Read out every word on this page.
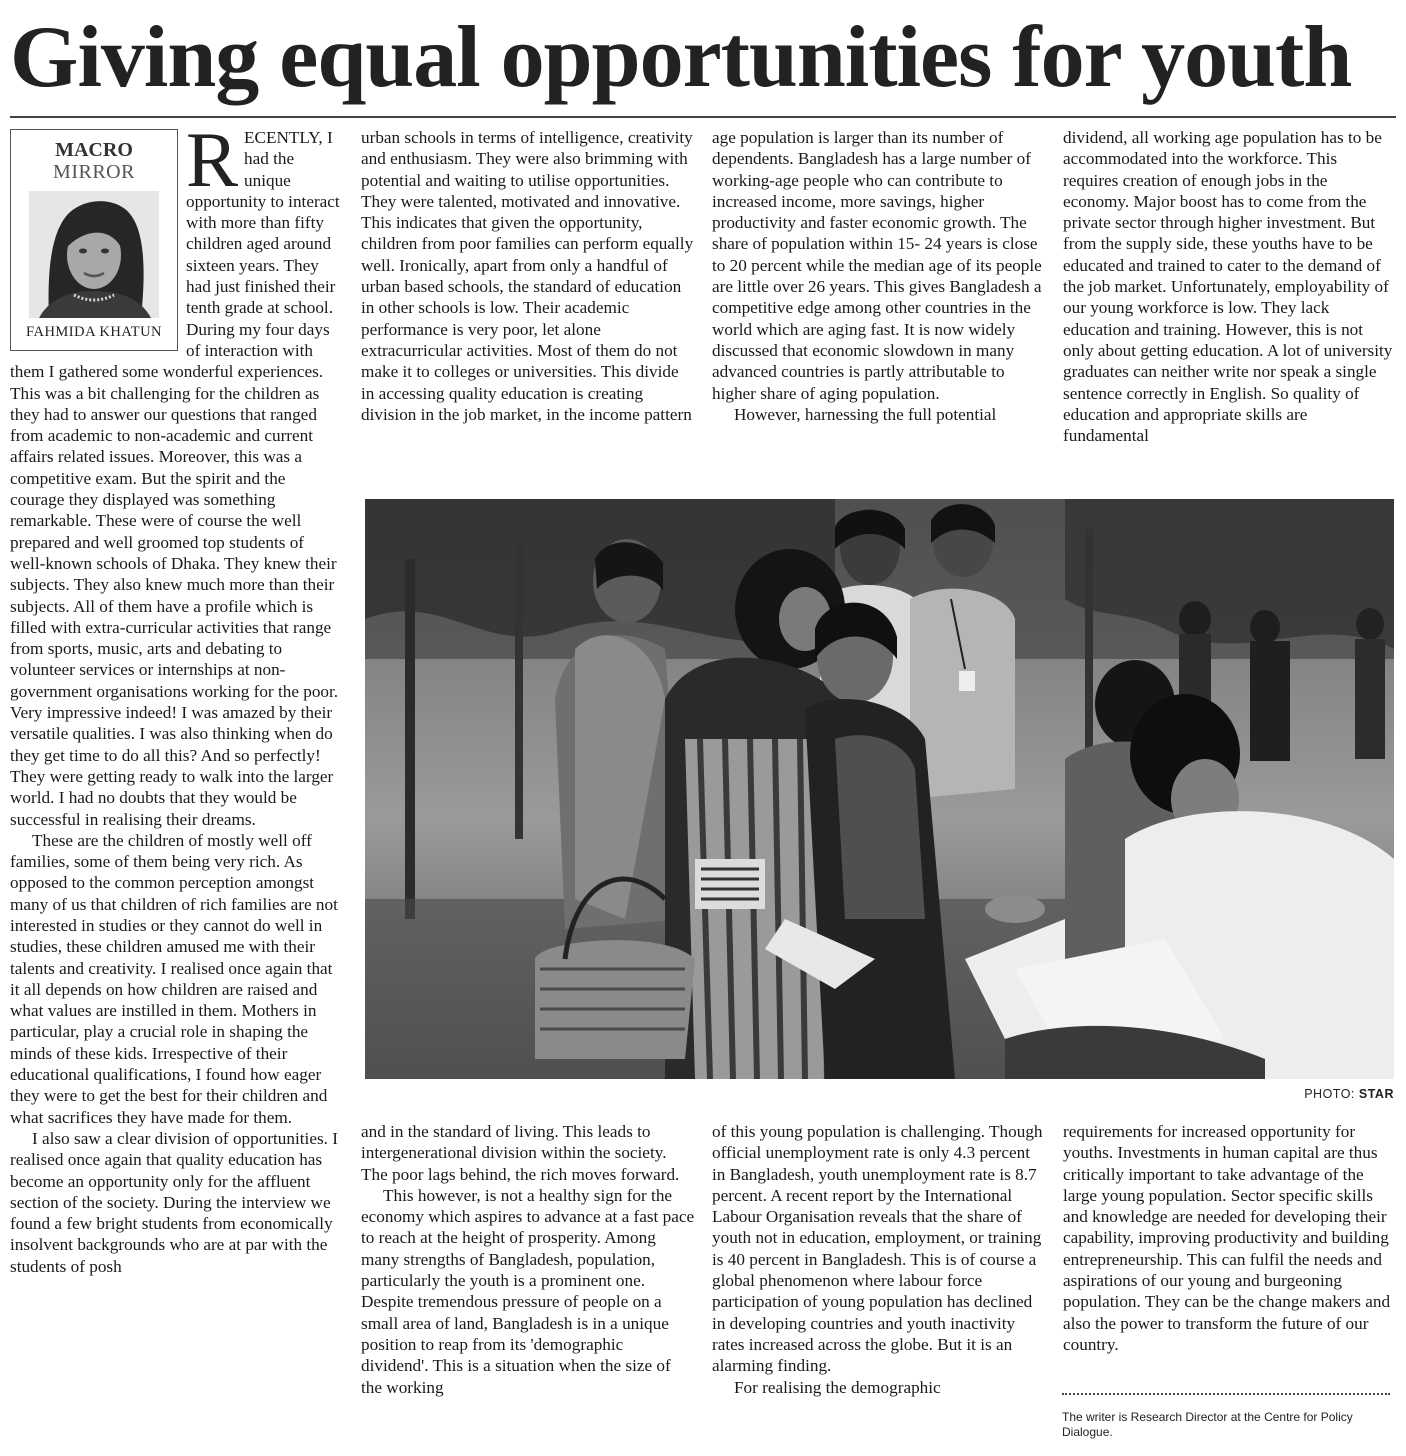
Giving equal opportunities for youth

RECENTLY, I had the unique opportunity to interact with more than fifty children aged around sixteen years. They had just finished their tenth grade at school. During my four days of interaction with them I gathered some wonderful experiences. This was a bit challenging for the children as they had to answer our questions that ranged from academic to non-academic and current affairs related issues. Moreover, this was a competitive exam. But the spirit and the courage they displayed was something remarkable. These were of course the well prepared and well groomed top students of well-known schools of Dhaka. They knew their subjects. They also knew much more than their subjects. All of them have a profile which is filled with extra-curricular activities that range from sports, music, arts and debating to volunteer services or internships at non-government organisations working for the poor. Very impressive indeed! I was amazed by their versatile qualities. I was also thinking when do they get time to do all this? And so perfectly! They were getting ready to walk into the larger world. I had no doubts that they would be successful in realising their dreams.

These are the children of mostly well off families, some of them being very rich. As opposed to the common perception amongst many of us that children of rich families are not interested in studies or they cannot do well in studies, these children amused me with their talents and creativity. I realised once again that it all depends on how children are raised and what values are instilled in them. Mothers in particular, play a crucial role in shaping the minds of these kids. Irrespective of their educational qualifications, I found how eager they were to get the best for their children and what sacrifices they have made for them.

I also saw a clear division of opportunities. I realised once again that quality education has become an opportunity only for the affluent section of the society. During the interview we found a few bright students from economically insolvent backgrounds who are at par with the students of posh

MACRO
MIRROR
FAHMIDA KHATUN

urban schools in terms of intelligence, creativity and enthusiasm. They were also brimming with potential and waiting to utilise opportunities. They were talented, motivated and innovative. This indicates that given the opportunity, children from poor families can perform equally well. Ironically, apart from only a handful of urban based schools, the standard of education in other schools is low. Their academic performance is very poor, let alone extracurricular activities. Most of them do not make it to colleges or universities. This divide in accessing quality education is creating division in the job market, in the income pattern

age population is larger than its number of dependents. Bangladesh has a large number of working-age people who can contribute to increased income, more savings, higher productivity and faster economic growth. The share of population within 15- 24 years is close to 20 percent while the median age of its people are little over 26 years. This gives Bangladesh a competitive edge among other countries in the world which are aging fast. It is now widely discussed that economic slowdown in many advanced countries is partly attributable to higher share of aging population.

However, harnessing the full potential

dividend, all working age population has to be accommodated into the workforce. This requires creation of enough jobs in the economy. Major boost has to come from the private sector through higher investment. But from the supply side, these youths have to be educated and trained to cater to the demand of the job market. Unfortunately, employability of our young workforce is low. They lack education and training. However, this is not only about getting education. A lot of university graduates can neither write nor speak a single sentence correctly in English. So quality of education and appropriate skills are fundamental

PHOTO: STAR

and in the standard of living. This leads to intergenerational division within the society. The poor lags behind, the rich moves forward.

This however, is not a healthy sign for the economy which aspires to advance at a fast pace to reach at the height of prosperity. Among many strengths of Bangladesh, population, particularly the youth is a prominent one. Despite tremendous pressure of people on a small area of land, Bangladesh is in a unique position to reap from its 'demographic dividend'. This is a situation when the size of the working

of this young population is challenging. Though official unemployment rate is only 4.3 percent in Bangladesh, youth unemployment rate is 8.7 percent. A recent report by the International Labour Organisation reveals that the share of youth not in education, employment, or training is 40 percent in Bangladesh. This is of course a global phenomenon where labour force participation of young population has declined in developing countries and youth inactivity rates increased across the globe. But it is an alarming finding.

For realising the demographic

requirements for increased opportunity for youths. Investments in human capital are thus critically important to take advantage of the large young population. Sector specific skills and knowledge are needed for developing their capability, improving productivity and building entrepreneurship. This can fulfil the needs and aspirations of our young and burgeoning population. They can be the change makers and also the power to transform the future of our country.

The writer is Research Director at the Centre for Policy Dialogue.
